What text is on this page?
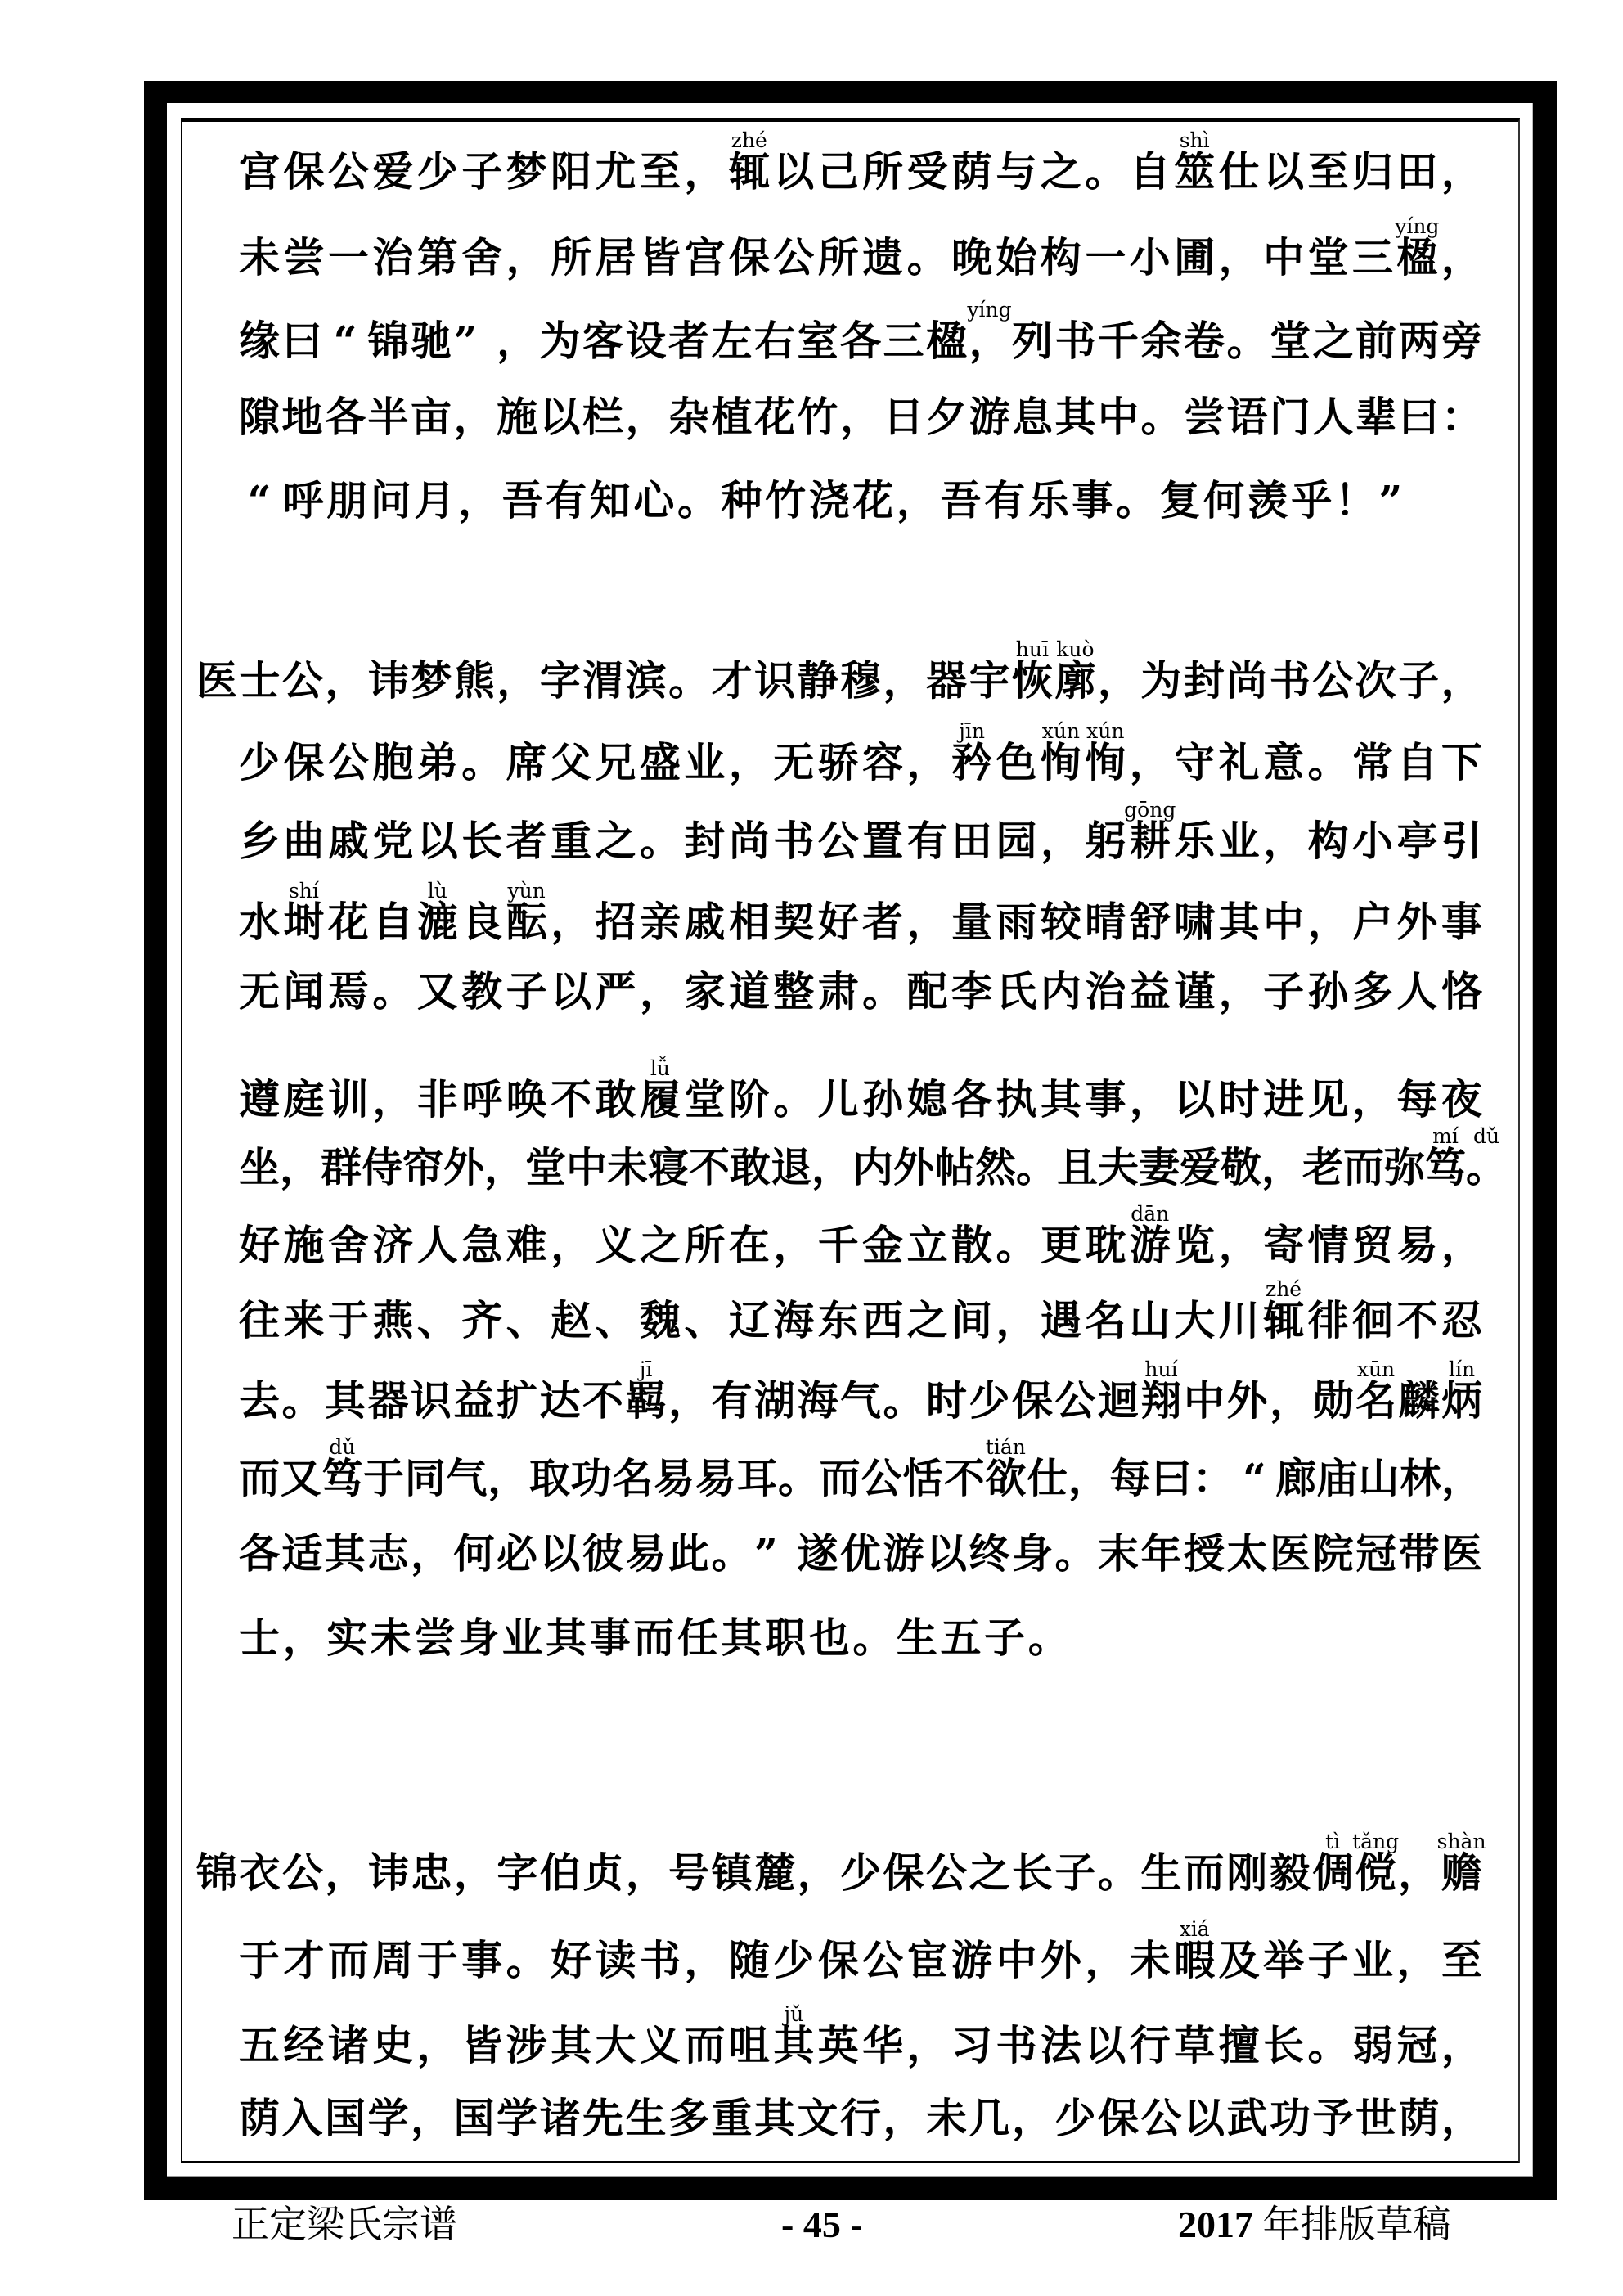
宫 保 公 爱 少 子 梦 阳 尤 至 ， 辄
zhé
以 己 所 受 荫 与 之 。 自 筮
shì
仕 以 至 归 田 ，
未 尝 一 治 第 舍 ， 所 居 皆 宫 保 公 所 遗 。 晚 始 构 一 小 圃 ， 中 堂 三 楹
yíng
，
缘 曰 “ 锦 驰 ” ， 为 客 设 者 左 右 室 各 三 楹 ，
yíng
列 书 千 余 卷 。 堂 之 前 两 旁
隙 地 各 半 亩 ， 施 以 栏 ， 杂 植 花 竹 ， 日 夕 游 息 其 中 。 尝 语 门 人 辈 曰 ：
“ 呼 朋 问 月 ， 吾 有 知 心 。 种 竹 浇 花 ， 吾 有 乐 事 。 复 何 羡 乎 ！ ”
医 士 公 ， 讳 梦 熊 ， 字 渭 滨 。 才 识 静 穆 ， 器 宇 恢
huī
廓
kuò
， 为 封 尚 书 公 次 子 ，
少 保 公 胞 弟 。 席 父 兄 盛 业 ， 无 骄 容 ， 矜
jīn
色 恂
xún
恂
xún
， 守 礼 意 。 常 自 下
乡 曲 戚 党 以 长 者 重 之 。 封 尚 书 公 置 有 田 园 ， 躬 耕
gōng
乐 业 ， 构 小 亭 引
水 埘
shí
花 自 漉
lù
良 酝
yùn
， 招 亲 戚 相 契 好 者 ， 量 雨 较 晴 舒 啸 其 中 ， 户 外 事
无 闻 焉 。 又 教 子 以 严 ， 家 道 整 肃 。 配 李 氏 内 治 益 谨 ， 子 孙 多 人 恪
遵 庭 训 ， 非 呼 唤 不 敢 履
lǚ
堂 阶 。 儿 孙 媳 各 执 其 事 ， 以 时 进 见 ， 每 夜
坐 ， 群 侍 帘 外 ， 堂 中 未 寝 不 敢 退 ， 内 外 帖 然 。 且 夫 妻 爱 敬 ， 老 而 弥 笃
mí
。
dǔ
好 施 舍 济 人 急 难 ， 义 之 所 在 ， 千 金 立 散 。 更 耽 游
dān
览 ， 寄 情 贸 易 ，
往 来 于 燕 、 齐 、 赵 、 魏 、 辽 海 东 西 之 间 ， 遇 名 山 大 川 辄
zhé
徘 徊 不 忍
去 。 其 器 识 益 扩 达 不 羁
jī
， 有 湖 海 气 。 时 少 保 公 迴 翔
huí
中 外 ， 勋 名
xūn
麟 炳
lín
而 又 笃
dǔ
于 同 气 ， 取 功 名 易 易 耳 。 而 公 恬 不 欲
tián
仕 ， 每 曰 ： “ 廊 庙 山 林 ，
各 适 其 志 ， 何 必 以 彼 易 此 。 ” 遂 优 游 以 终 身 。 末 年 授 太 医 院 冠 带 医
士 ， 实 未 尝 身 业 其 事 而 任 其 职 也 。 生 五 子 。
锦 衣 公 ， 讳 忠 ， 字 伯 贞 ， 号 镇 麓 ， 少 保 公 之 长 子 。 生 而 刚 毅 倜
tì
傥
tǎng
， 赡
shàn
于 才 而 周 于 事 。 好 读 书 ， 随 少 保 公 宦 游 中 外 ， 未 暇
xiá
及 举 子 业 ， 至
五 经 诸 史 ， 皆 涉 其 大 义 而 咀 其
jǔ
英 华 ， 习 书 法 以 行 草 擅 长 。 弱 冠 ，
荫 入 国 学 ， 国 学 诸 先 生 多 重 其 文 行 ， 未 几 ， 少 保 公 以 武 功 予 世 荫 ，
正定梁氏宗谱	- 45 -	2017 年排版草稿
